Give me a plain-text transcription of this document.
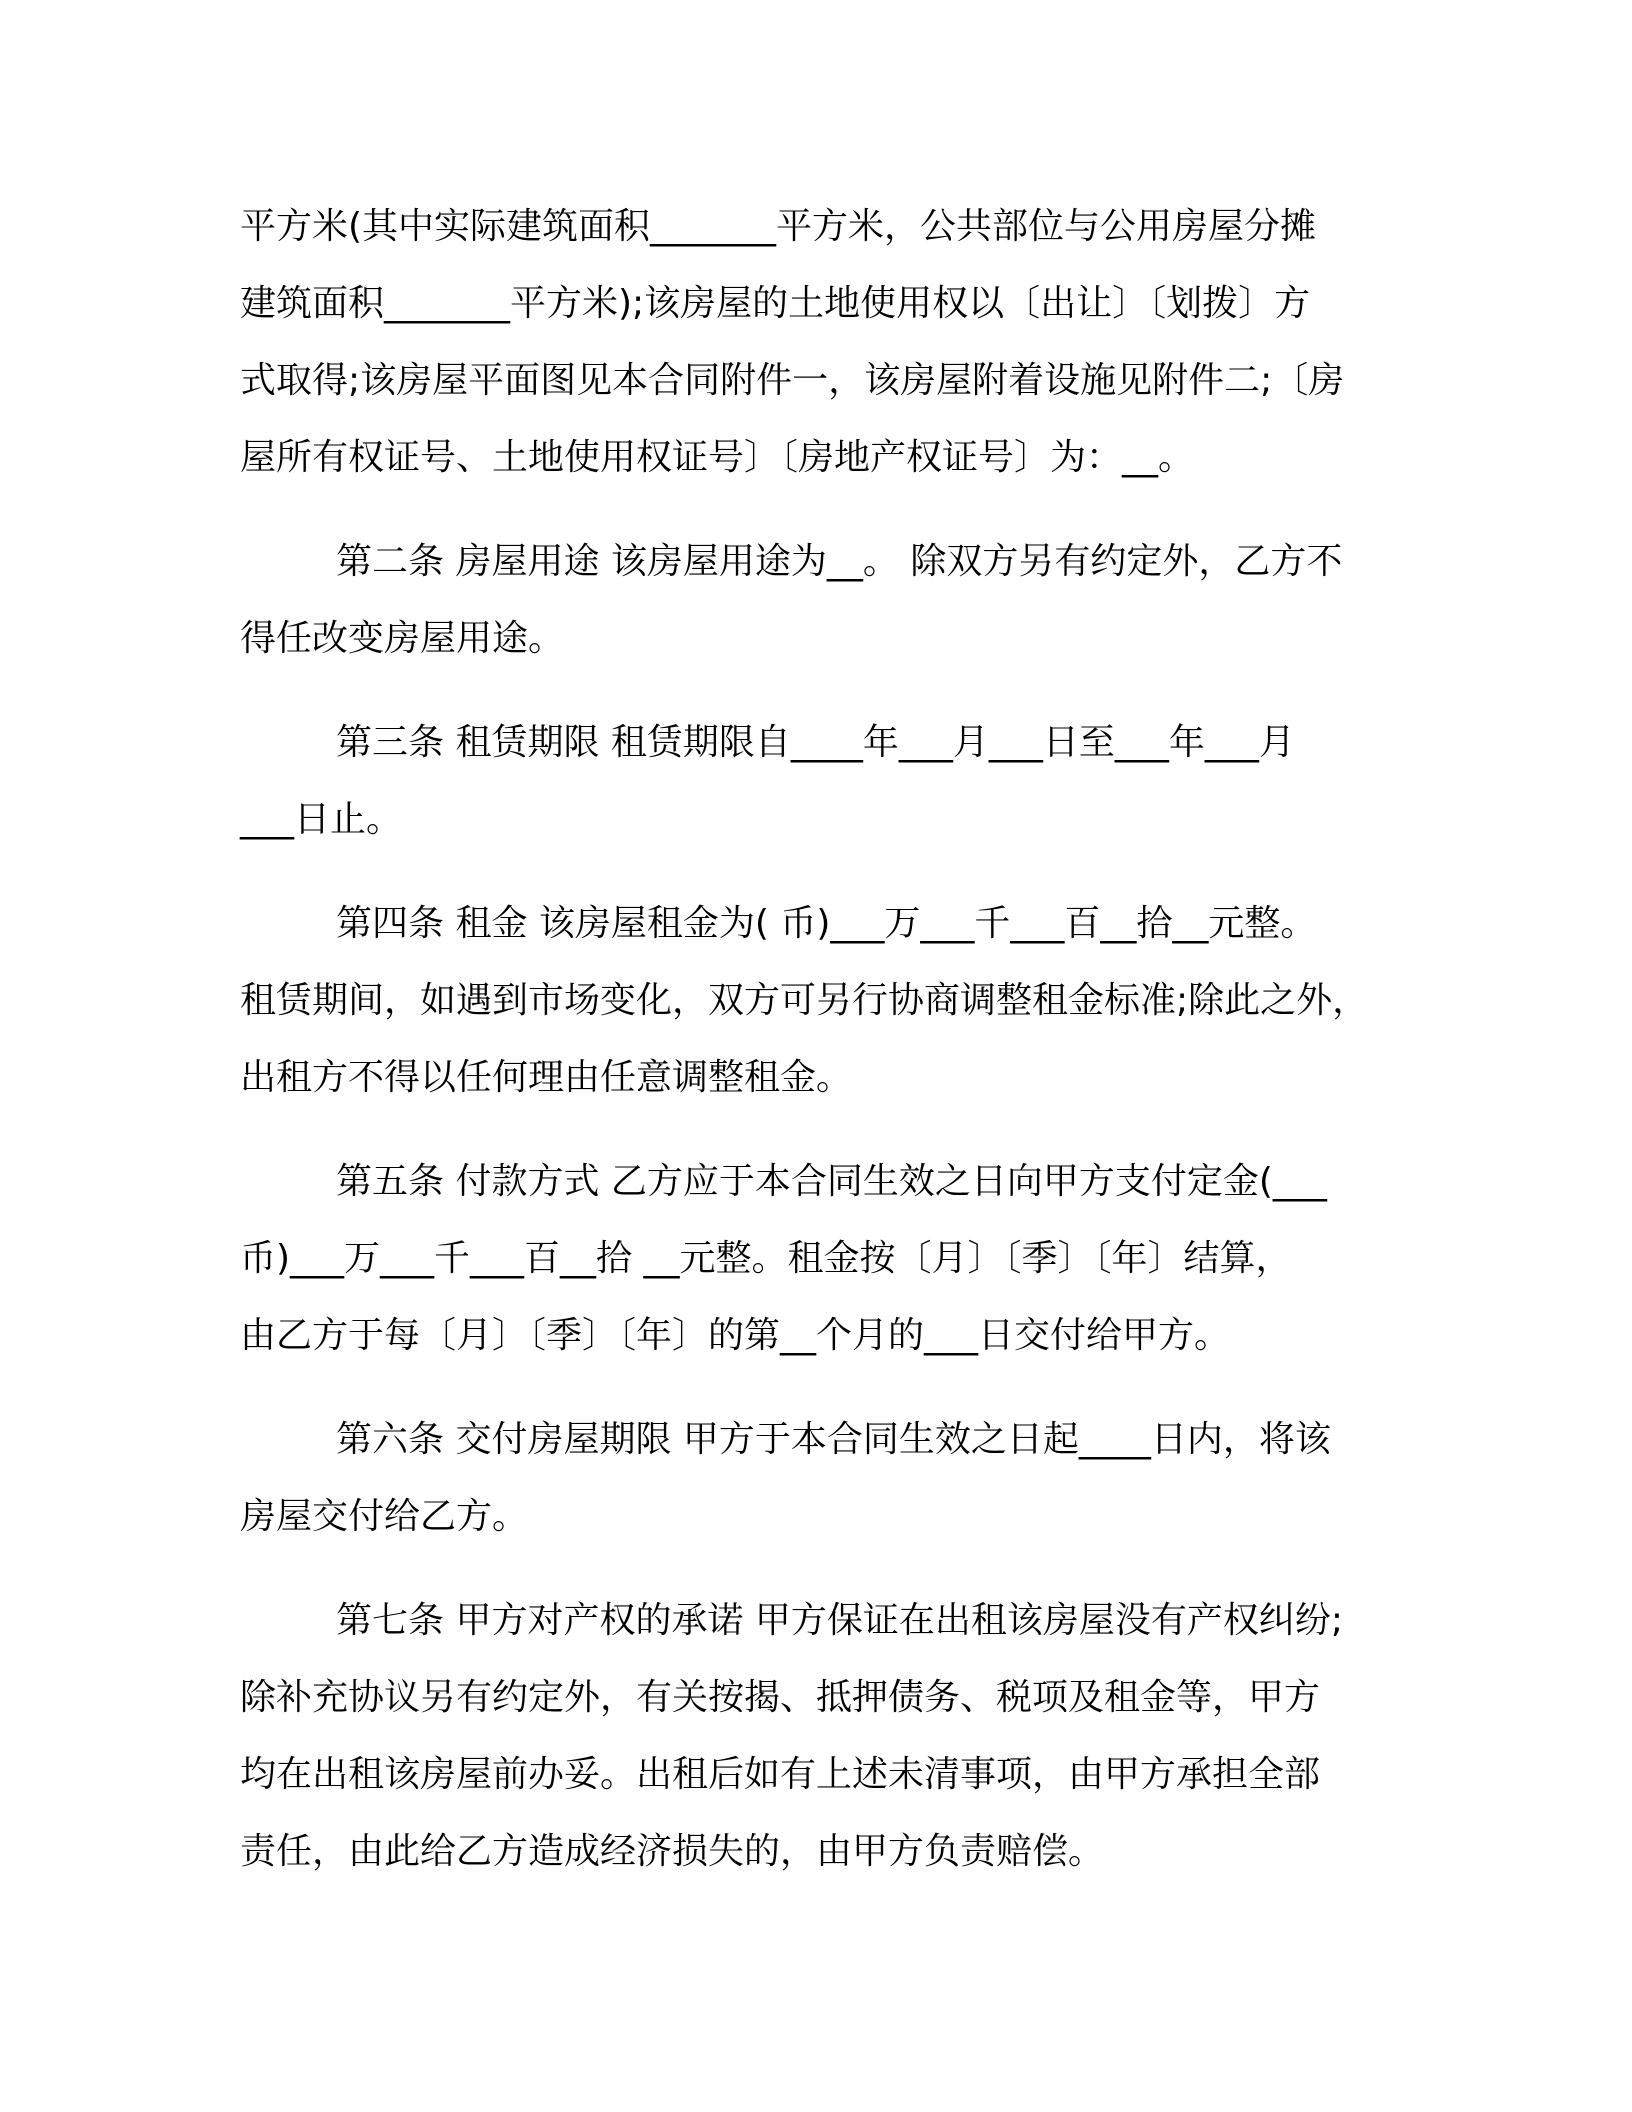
平方米(其中实际建筑面积_______平方米，公共部位与公用房屋分摊
建筑面积_______平方米);该房屋的土地使用权以〔出让〕〔划拨〕方
式取得;该房屋平面图见本合同附件一，该房屋附着设施见附件二;〔房
屋所有权证号、土地使用权证号〕〔房地产权证号〕为：__。
第二条 房屋用途 该房屋用途为__。 除双方另有约定外，乙方不
得任改变房屋用途。
第三条 租赁期限 租赁期限自____年___月___日至___年___月
___日止。
第四条 租金 该房屋租金为( 币)___万___千___百__拾__元整。
租赁期间，如遇到市场变化，双方可另行协商调整租金标准;除此之外，
出租方不得以任何理由任意调整租金。
第五条 付款方式 乙方应于本合同生效之日向甲方支付定金(___
币)___万___千___百__拾 __元整。租金按〔月〕〔季〕〔年〕结算，
由乙方于每〔月〕〔季〕〔年〕的第__个月的___日交付给甲方。
第六条 交付房屋期限 甲方于本合同生效之日起____日内，将该
房屋交付给乙方。
第七条 甲方对产权的承诺 甲方保证在出租该房屋没有产权纠纷;
除补充协议另有约定外，有关按揭、抵押债务、税项及租金等，甲方
均在出租该房屋前办妥。出租后如有上述未清事项，由甲方承担全部
责任，由此给乙方造成经济损失的，由甲方负责赔偿。
